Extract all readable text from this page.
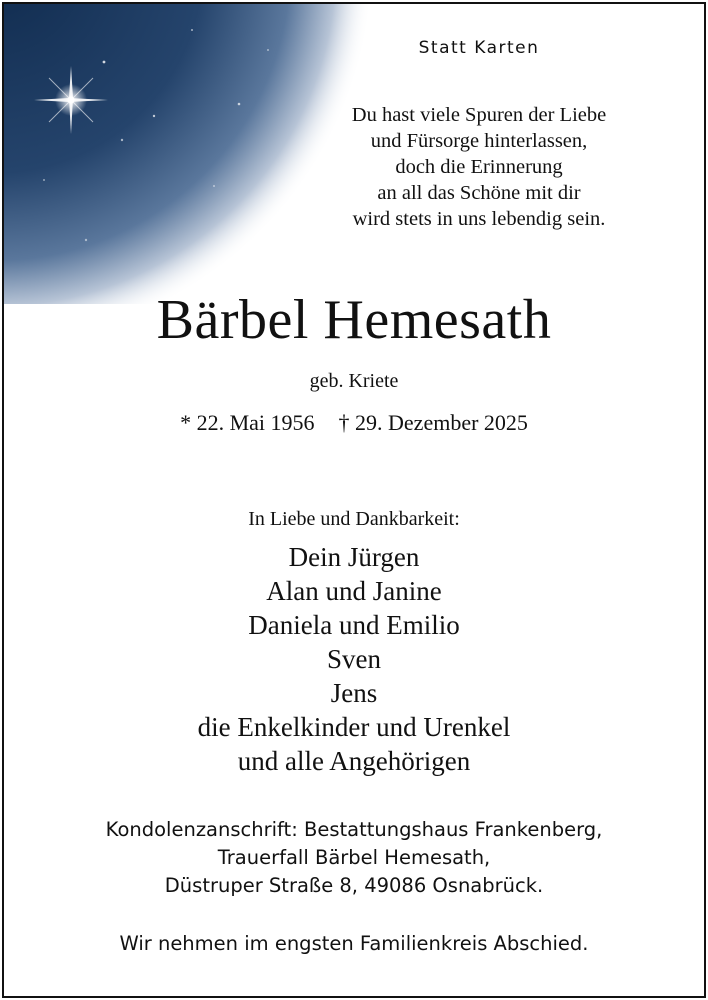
Statt Karten
Du hast viele Spuren der Liebe
und Fürsorge hinterlassen,
doch die Erinnerung
an all das Schöne mit dir
wird stets in uns lebendig sein.
Bärbel Hemesath
geb. Kriete
* 22. Mai 1956 † 29. Dezember 2025
In Liebe und Dankbarkeit:
Dein Jürgen
Alan und Janine
Daniela und Emilio
Sven
Jens
die Enkelkinder und Urenkel
und alle Angehörigen
Kondolenzanschrift: Bestattungshaus Frankenberg,
Trauerfall Bärbel Hemesath,
Düstruper Straße 8, 49086 Osnabrück.
Wir nehmen im engsten Familienkreis Abschied.
